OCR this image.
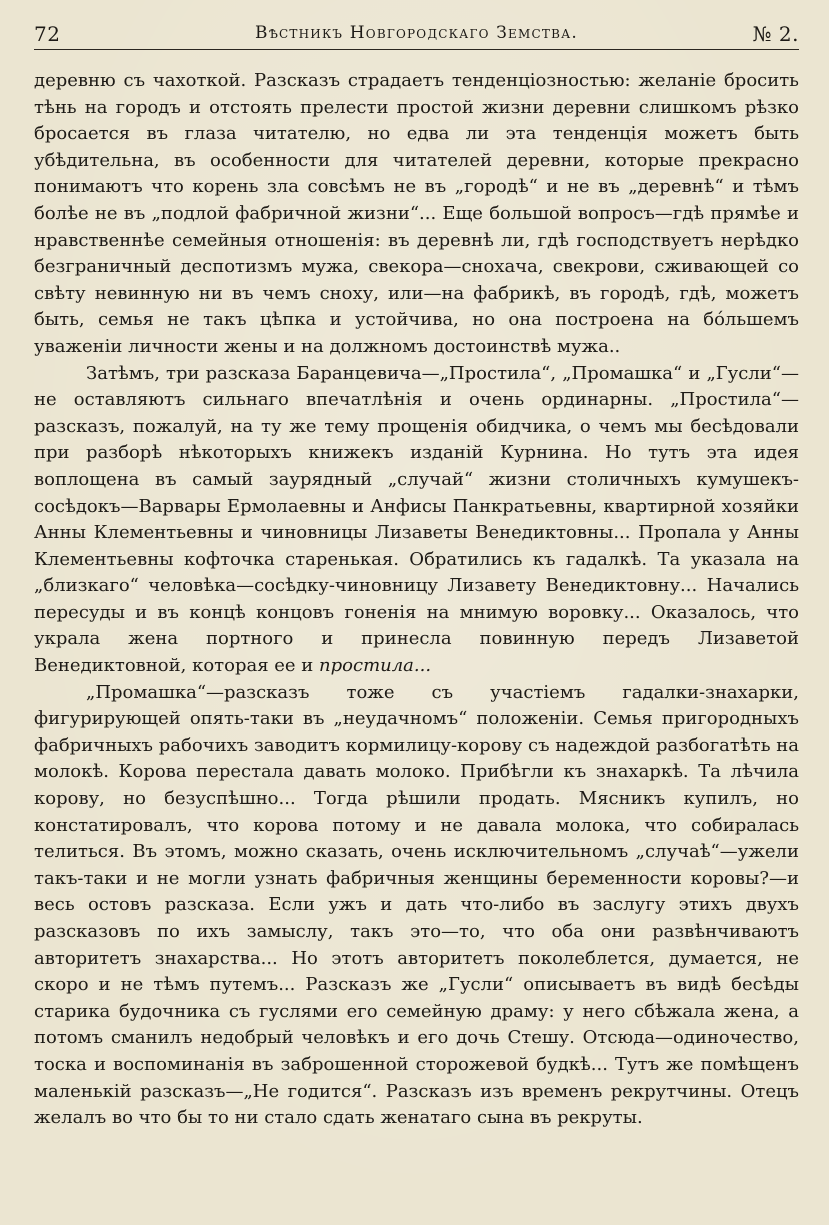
72	Вѣстникъ Новгородскаго Земства.	№ 2.

деревню съ чахоткой. Разсказъ страдаетъ тенденціозностью: желаніе бросить тѣнь на городъ и отстоять прелести простой жизни деревни слишкомъ рѣзко бросается въ глаза читателю, но едва ли эта тенденція можетъ быть убѣдительна, въ особенности для читателей деревни, которые прекрасно понимаютъ что корень зла совсѣмъ не въ „городѣ“ и не въ „деревнѣ“ и тѣмъ болѣе не въ „подлой фабричной жизни“... Еще большой вопросъ—гдѣ прямѣе и нравственнѣе семейныя отношенія: въ деревнѣ ли, гдѣ господствуетъ нерѣдко безграничный деспотизмъ мужа, свекора—снохача, свекрови, сживающей со свѣту невинную ни въ чемъ сноху, или—на фабрикѣ, въ городѣ, гдѣ, можетъ быть, семья не такъ цѣпка и устойчива, но она построена на бóльшемъ уваженіи личности жены и на должномъ достоинствѣ мужа..

Затѣмъ, три разсказа Баранцевича—„Простила“, „Промашка“ и „Гусли“—не оставляютъ сильнаго впечатлѣнія и очень ординарны. „Простила“—разсказъ, пожалуй, на ту же тему прощенія обидчика, о чемъ мы бесѣдовали при разборѣ нѣкоторыхъ книжекъ изданій Курнина. Но тутъ эта идея воплощена въ самый заурядный „случай“ жизни столичныхъ кумушекъ-сосѣдокъ—Варвары Ермолаевны и Анфисы Панкратьевны, квартирной хозяйки Анны Клементьевны и чиновницы Лизаветы Венедиктовны... Пропала у Анны Клементьевны кофточка старенькая. Обратились къ гадалкѣ. Та указала на „близкаго“ человѣка—сосѣдку-чиновницу Лизавету Венедиктовну... Начались пересуды и въ концѣ концовъ гоненія на мнимую воровку... Оказалось, что украла жена портного и принесла повинную передъ Лизаветой Венедиктовной, которая ее и простила...

„Промашка“—разсказъ тоже съ участіемъ гадалки-знахарки, фигурирующей опять-таки въ „неудачномъ“ положеніи. Семья пригородныхъ фабричныхъ рабочихъ заводитъ кормилицу-корову съ надеждой разбогатѣть на молокѣ. Корова перестала давать молоко. Прибѣгли къ знахаркѣ. Та лѣчила корову, но безуспѣшно... Тогда рѣшили продать. Мясникъ купилъ, но констатировалъ, что корова потому и не давала молока, что собиралась телиться. Въ этомъ, можно сказать, очень исключительномъ „случаѣ“—ужели такъ-таки и не могли узнать фабричныя женщины беременности коровы?—и весь остовъ разсказа. Если ужъ и дать что-либо въ заслугу этихъ двухъ разсказовъ по ихъ замыслу, такъ это—то, что оба они развѣнчиваютъ авторитетъ знахарства... Но этотъ авторитетъ поколеблется, думается, не скоро и не тѣмъ путемъ... Разсказъ же „Гусли“ описываетъ въ видѣ бесѣды старика будочника съ гуслями его семейную драму: у него сбѣжала жена, а потомъ сманилъ недобрый человѣкъ и его дочь Стешу. Отсюда—одиночество, тоска и воспоминанія въ заброшенной сторожевой будкѣ... Тутъ же помѣщенъ маленькій разсказъ—„Не годится“. Разсказъ изъ временъ рекрутчины. Отецъ желалъ во что бы то ни стало сдать женатаго сына въ рекруты.
